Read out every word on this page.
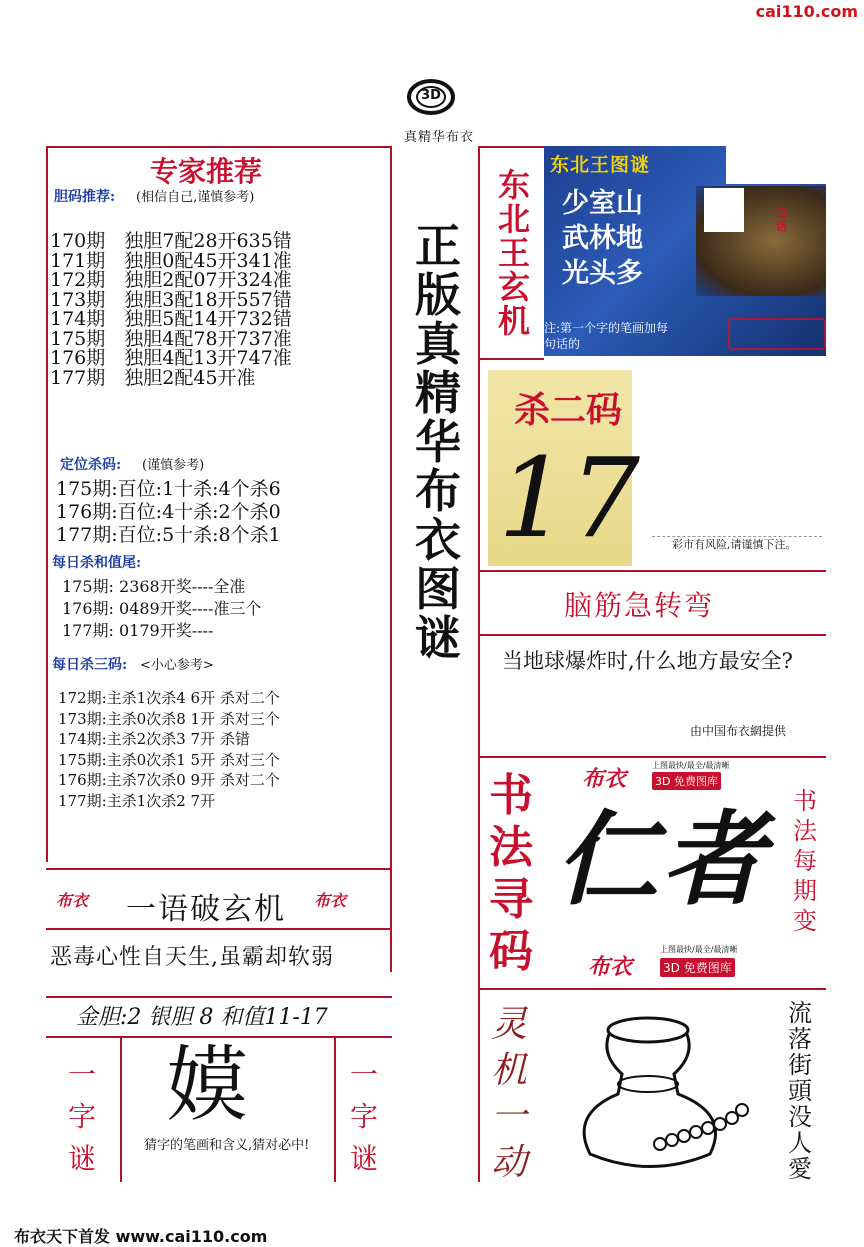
cai110.com
3D
真精华布衣
专家推荐
胆码推荐: (相信自己,谨慎参考)
170期　独胆7配28开635错
171期　独胆0配45开341准
172期　独胆2配07开324准
173期　独胆3配18开557错
174期　独胆5配14开732错
175期　独胆4配78开737准
176期　独胆4配13开747准
177期　独胆2配45开准
定位杀码: (谨慎参考)
175期:百位:1十杀:4个杀6
176期:百位:4十杀:2个杀0
177期:百位:5十杀:8个杀1
每日杀和值尾:
175期: 2368开奖----全准
176期: 0489开奖----准三个
177期: 0179开奖----
每日杀三码: <小心参考>
172期:主杀1次杀4 6开 杀对二个
173期:主杀0次杀8 1开 杀对三个
174期:主杀2次杀3 7开 杀错
175期:主杀0次杀1 5开 杀对三个
176期:主杀7次杀0 9开 杀对二个
177期:主杀1次杀2 7开
布衣 一语破玄机 布衣
恶毒心性自天生,虽霸却软弱
金胆:2 银胆 8 和值11-17
一
字
谜
嫫
猜字的笔画和含义,猜对必中!
一
字
谜
正
版
真
精
华
布
衣
图
谜
东
北
王
玄
机
东北王图谜
电话
少室山
武林地
光头多
注:第一个字的笔画加每句话的
杀二码
1 7	彩市有风险,请谨慎下注。
脑筋急转弯
当地球爆炸时,什么地方最安全?
由中国布衣網提供
书
法
寻
码
布衣
上图最快/最全/最清晰
3D 免费图库
仁者
布衣
上图最快/最全/最清晰
3D 免费图库
书
法
每
期
变
灵
机
一
动
流
落
街
頭
没
人
愛
布衣天下首发 www.cai110.com
